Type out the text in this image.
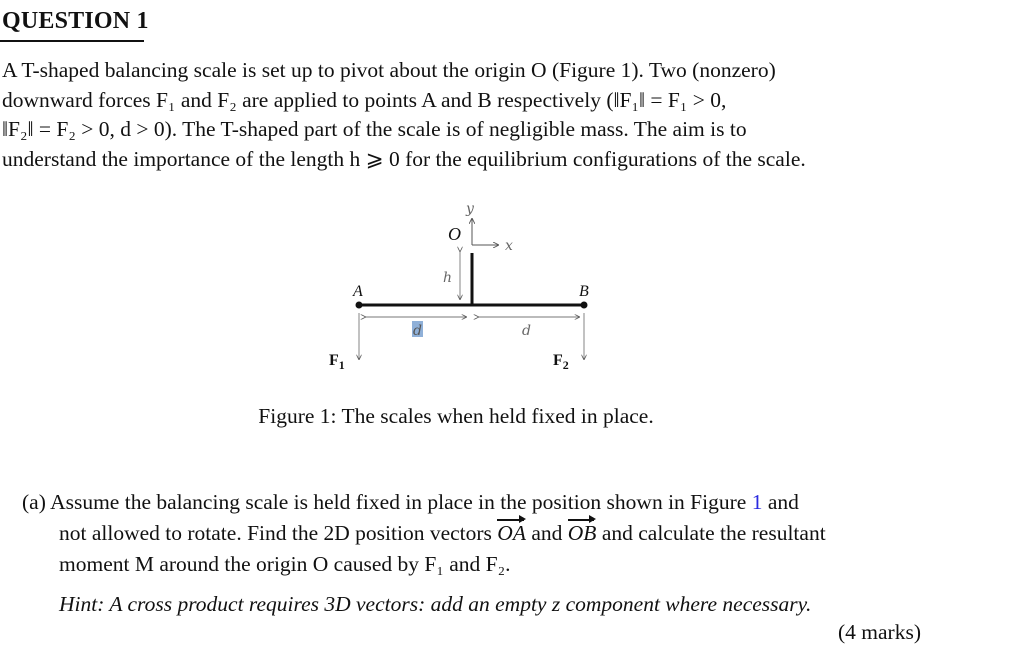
QUESTION 1
A T-shaped balancing scale is set up to pivot about the origin O (Figure 1). Two (nonzero)
downward forces F₁ and F₂ are applied to points A and B respectively (‖F₁‖ = F₁ > 0,
‖F₂‖ = F₂ > 0, d > 0). The T-shaped part of the scale is of negligible mass. The aim is to
understand the importance of the length h ⩾ 0 for the equilibrium configurations of the scale.
y
x
O
h
A	B
d	d
$F_1$	$F_2$
Figure 1: The scales when held fixed in place.
(a) Assume the balancing scale is held fixed in place in the position shown in Figure 1 and
not allowed to rotate. Find the 2D position vectors OA and OB and calculate the resultant
moment M around the origin O caused by F₁ and F₂.
Hint: A cross product requires 3D vectors: add an empty z component where necessary.
(4 marks)
